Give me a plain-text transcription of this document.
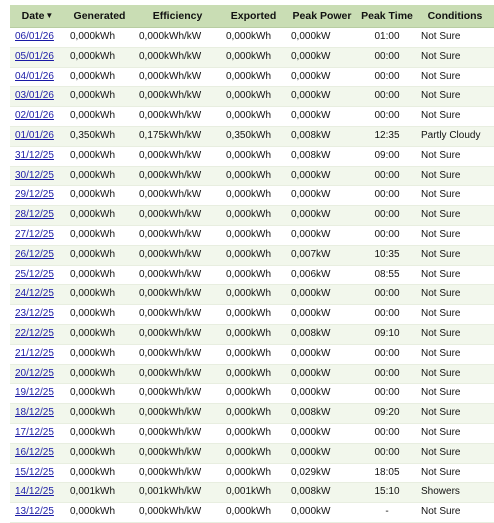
Date▼	Generated	Efficiency	Exported	Peak Power	Peak Time	Conditions
06/01/26	0,000kWh	0,000kWh/kW	0,000kWh	0,000kW	01:00	Not Sure
05/01/26	0,000kWh	0,000kWh/kW	0,000kWh	0,000kW	00:00	Not Sure
04/01/26	0,000kWh	0,000kWh/kW	0,000kWh	0,000kW	00:00	Not Sure
03/01/26	0,000kWh	0,000kWh/kW	0,000kWh	0,000kW	00:00	Not Sure
02/01/26	0,000kWh	0,000kWh/kW	0,000kWh	0,000kW	00:00	Not Sure
01/01/26	0,350kWh	0,175kWh/kW	0,350kWh	0,008kW	12:35	Partly Cloudy
31/12/25	0,000kWh	0,000kWh/kW	0,000kWh	0,008kW	09:00	Not Sure
30/12/25	0,000kWh	0,000kWh/kW	0,000kWh	0,000kW	00:00	Not Sure
29/12/25	0,000kWh	0,000kWh/kW	0,000kWh	0,000kW	00:00	Not Sure
28/12/25	0,000kWh	0,000kWh/kW	0,000kWh	0,000kW	00:00	Not Sure
27/12/25	0,000kWh	0,000kWh/kW	0,000kWh	0,000kW	00:00	Not Sure
26/12/25	0,000kWh	0,000kWh/kW	0,000kWh	0,007kW	10:35	Not Sure
25/12/25	0,000kWh	0,000kWh/kW	0,000kWh	0,006kW	08:55	Not Sure
24/12/25	0,000kWh	0,000kWh/kW	0,000kWh	0,000kW	00:00	Not Sure
23/12/25	0,000kWh	0,000kWh/kW	0,000kWh	0,000kW	00:00	Not Sure
22/12/25	0,000kWh	0,000kWh/kW	0,000kWh	0,008kW	09:10	Not Sure
21/12/25	0,000kWh	0,000kWh/kW	0,000kWh	0,000kW	00:00	Not Sure
20/12/25	0,000kWh	0,000kWh/kW	0,000kWh	0,000kW	00:00	Not Sure
19/12/25	0,000kWh	0,000kWh/kW	0,000kWh	0,000kW	00:00	Not Sure
18/12/25	0,000kWh	0,000kWh/kW	0,000kWh	0,008kW	09:20	Not Sure
17/12/25	0,000kWh	0,000kWh/kW	0,000kWh	0,000kW	00:00	Not Sure
16/12/25	0,000kWh	0,000kWh/kW	0,000kWh	0,000kW	00:00	Not Sure
15/12/25	0,000kWh	0,000kWh/kW	0,000kWh	0,029kW	18:05	Not Sure
14/12/25	0,001kWh	0,001kWh/kW	0,001kWh	0,008kW	15:10	Showers
13/12/25	0,000kWh	0,000kWh/kW	0,000kWh	0,000kW	-	Not Sure
